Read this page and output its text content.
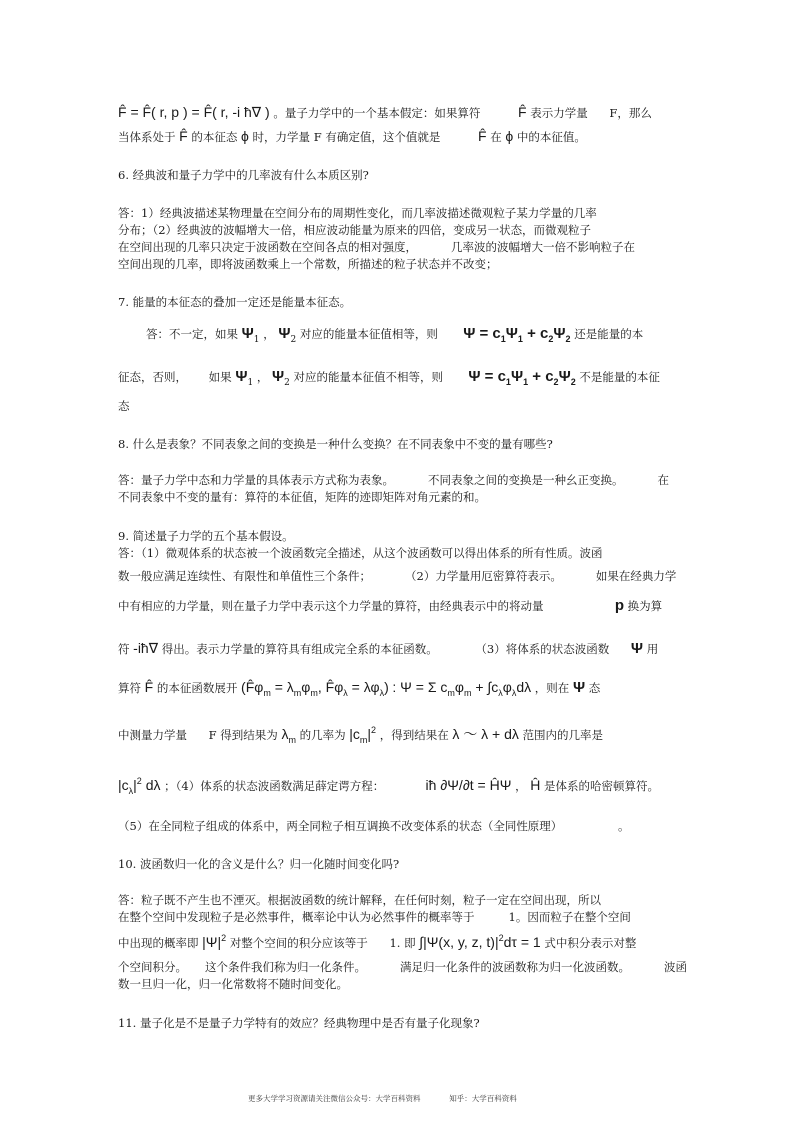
F̂ = F̂( r, p ) = F̂( r, -i ħ∇ ) 。量子力学中的一个基本假定：如果算符	F̂ 表示力学量 F，那么
当体系处于 F̂ 的本征态 ϕ 时，力学量 F 有确定值，这个值就是	F̂ 在 ϕ 中的本征值。
6. 经典波和量子力学中的几率波有什么本质区别?
答：1）经典波描述某物理量在空间分布的周期性变化，而几率波描述微观粒子某力学量的几率
分布；（2）经典波的波幅增大一倍，相应波动能量为原来的四倍，变成另一状态，而微观粒子
在空间出现的几率只决定于波函数在空间各点的相对强度，	几率波的波幅增大一倍不影响粒子在
空间出现的几率，即将波函数乘上一个常数，所描述的粒子状态并不改变；
7. 能量的本征态的叠加一定还是能量本征态。
答：不一定，如果 $\Psi_1$ ， $\Psi_2$ 对应的能量本征值相等，则 $\Psi = c_1\Psi_1 + c_2\Psi_2$ 还是能量的本
征态，否则， 如果 $\Psi_1$ ， $\Psi_2$ 对应的能量本征值不相等，则 $\Psi = c_1\Psi_1 + c_2\Psi_2$ 不是能量的本征
态
8. 什么是表象？不同表象之间的变换是一种什么变换？在不同表象中不变的量有哪些?
答：量子力学中态和力学量的具体表示方式称为表象。	不同表象之间的变换是一种幺正变换。	在
不同表象中不变的量有：算符的本征值，矩阵的迹即矩阵对角元素的和。
9. 简述量子力学的五个基本假设。
答：（1）微观体系的状态被一个波函数完全描述，从这个波函数可以得出体系的所有性质。波函
数一般应满足连续性、有限性和单值性三个条件；	（2）力学量用厄密算符表示。	如果在经典力学
中有相应的力学量，则在量子力学中表示这个力学量的算符，由经典表示中的将动量	p 换为算
符 -iħ∇ 得出。表示力学量的算符具有组成完全系的本征函数。	（3）将体系的状态波函数 Ψ 用
算符 F̂ 的本征函数展开 ($F̂\varphi_m = \lambda_m\varphi_m$, $F̂\varphi_\lambda = \lambda\varphi_\lambda$) : Ψ = Σ $c_m\varphi_m + \int c_\lambda\varphi_\lambda d\lambda$ ，则在 Ψ 态
中测量力学量 F 得到结果为 $\lambda_m$ 的几率为 $|c_m|^2$ ，得到结果在 λ ～ λ + dλ 范围内的几率是
$|c_\lambda|^2$ dλ ；（4）体系的状态波函数满足薛定谔方程：	iħ ∂Ψ/∂t = ĤΨ ， Ĥ 是体系的哈密顿算符。
（5）在全同粒子组成的体系中，两全同粒子相互调换不改变体系的状态（全同性原理）	。
10. 波函数归一化的含义是什么？归一化随时间变化吗?
答：粒子既不产生也不湮灭。根据波函数的统计解释，在任何时刻，粒子一定在空间出现，所以
在整个空间中发现粒子是必然事件，概率论中认为必然事件的概率等于	1。因而粒子在整个空间
中出现的概率即 $|\Psi|^2$ 对整个空间的积分应该等于 1. 即 ∫|Ψ(x, y, z, $t)|^2d\tau = 1$ 式中积分表示对整
个空间积分。 这个条件我们称为归一化条件。	满足归一化条件的波函数称为归一化波函数。	波函
数一旦归一化，归一化常数将不随时间变化。
11. 量子化是不是量子力学特有的效应？经典物理中是否有量子化现象?
更多大学学习资源请关注微信公众号：大学百科资料	知乎：大学百科资料
